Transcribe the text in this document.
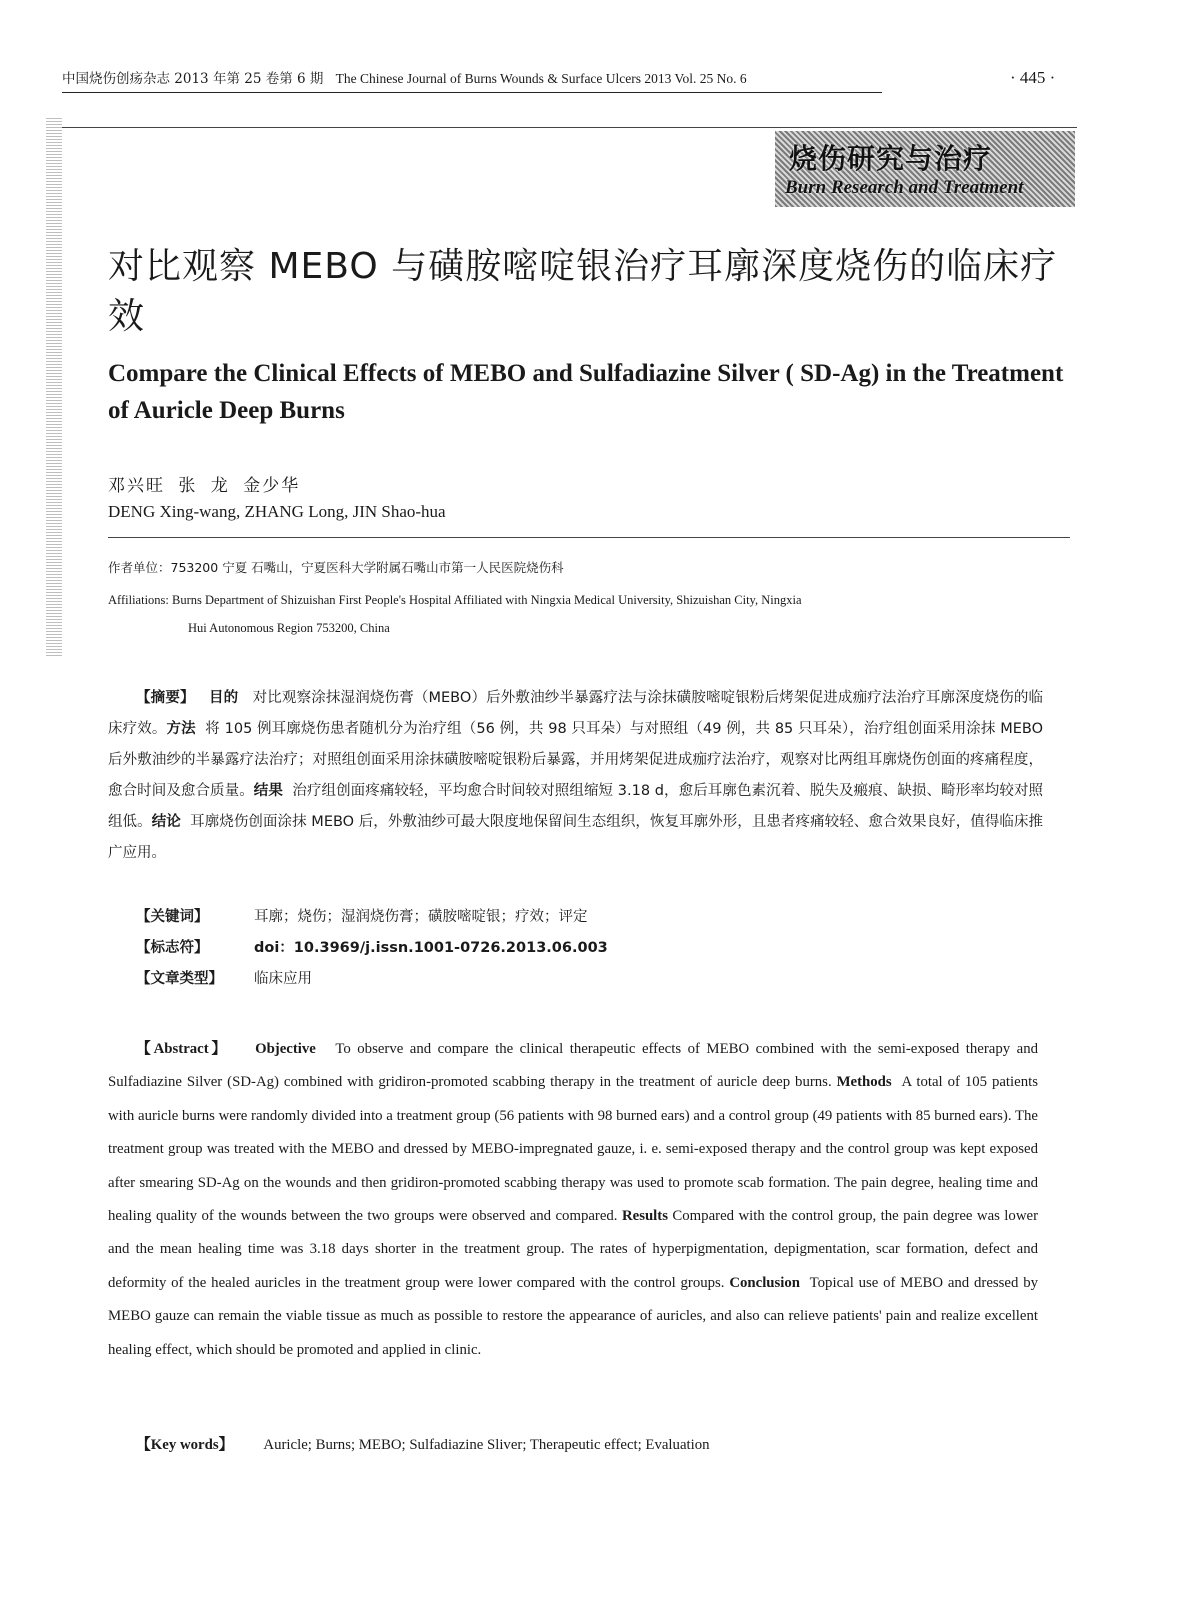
中国烧伤创疡杂志 2013 年第 25 卷第 6 期 The Chinese Journal of Burns Wounds & Surface Ulcers 2013 Vol. 25 No. 6	· 445 ·
烧伤研究与治疗
Burn Research and Treatment
对比观察 MEBO 与磺胺嘧啶银治疗耳廓深度烧伤的临床疗效
Compare the Clinical Effects of MEBO and Sulfadiazine Silver ( SD-Ag) in the Treatment of Auricle Deep Burns
邓兴旺 张 龙 金少华
DENG Xing-wang, ZHANG Long, JIN Shao-hua
作者单位：753200 宁夏 石嘴山，宁夏医科大学附属石嘴山市第一人民医院烧伤科
Affiliations: Burns Department of Shizuishan First People's Hospital Affiliated with Ningxia Medical University, Shizuishan City, Ningxia
Hui Autonomous Region 753200, China
【摘要】 目的 对比观察涂抹湿润烧伤膏（MEBO）后外敷油纱半暴露疗法与涂抹磺胺嘧啶银粉后烤架促进成痂疗法治疗耳廓深度烧伤的临床疗效。方法 将 105 例耳廓烧伤患者随机分为治疗组（56 例，共 98 只耳朵）与对照组（49 例，共 85 只耳朵），治疗组创面采用涂抹 MEBO 后外敷油纱的半暴露疗法治疗；对照组创面采用涂抹磺胺嘧啶银粉后暴露，并用烤架促进成痂疗法治疗，观察对比两组耳廓烧伤创面的疼痛程度，愈合时间及愈合质量。结果 治疗组创面疼痛较轻，平均愈合时间较对照组缩短 3.18 d，愈后耳廓色素沉着、脱失及瘢痕、缺损、畸形率均较对照组低。结论 耳廓烧伤创面涂抹 MEBO 后，外敷油纱可最大限度地保留间生态组织，恢复耳廓外形，且患者疼痛较轻、愈合效果良好，值得临床推广应用。
【关键词】	耳廓；烧伤；湿润烧伤膏；磺胺嘧啶银；疗效；评定
【标志符】	doi：10.3969/j.issn.1001-0726.2013.06.003
【文章类型】 临床应用
【Abstract】 Objective To observe and compare the clinical therapeutic effects of MEBO combined with the semi-exposed therapy and Sulfadiazine Silver (SD-Ag) combined with gridiron-promoted scabbing therapy in the treatment of auricle deep burns. Methods A total of 105 patients with auricle burns were randomly divided into a treatment group (56 patients with 98 burned ears) and a control group (49 patients with 85 burned ears). The treatment group was treated with the MEBO and dressed by MEBO-impregnated gauze, i. e. semi-exposed therapy and the control group was kept exposed after smearing SD-Ag on the wounds and then gridiron-promoted scabbing therapy was used to promote scab formation. The pain degree, healing time and healing quality of the wounds between the two groups were observed and compared. Results Compared with the control group, the pain degree was lower and the mean healing time was 3.18 days shorter in the treatment group. The rates of hyperpigmentation, depigmentation, scar formation, defect and deformity of the healed auricles in the treatment group were lower compared with the control groups. Conclusion Topical use of MEBO and dressed by MEBO gauze can remain the viable tissue as much as possible to restore the appearance of auricles, and also can relieve patients' pain and realize excellent healing effect, which should be promoted and applied in clinic.
【Key words】 Auricle; Burns; MEBO; Sulfadiazine Sliver; Therapeutic effect; Evaluation
